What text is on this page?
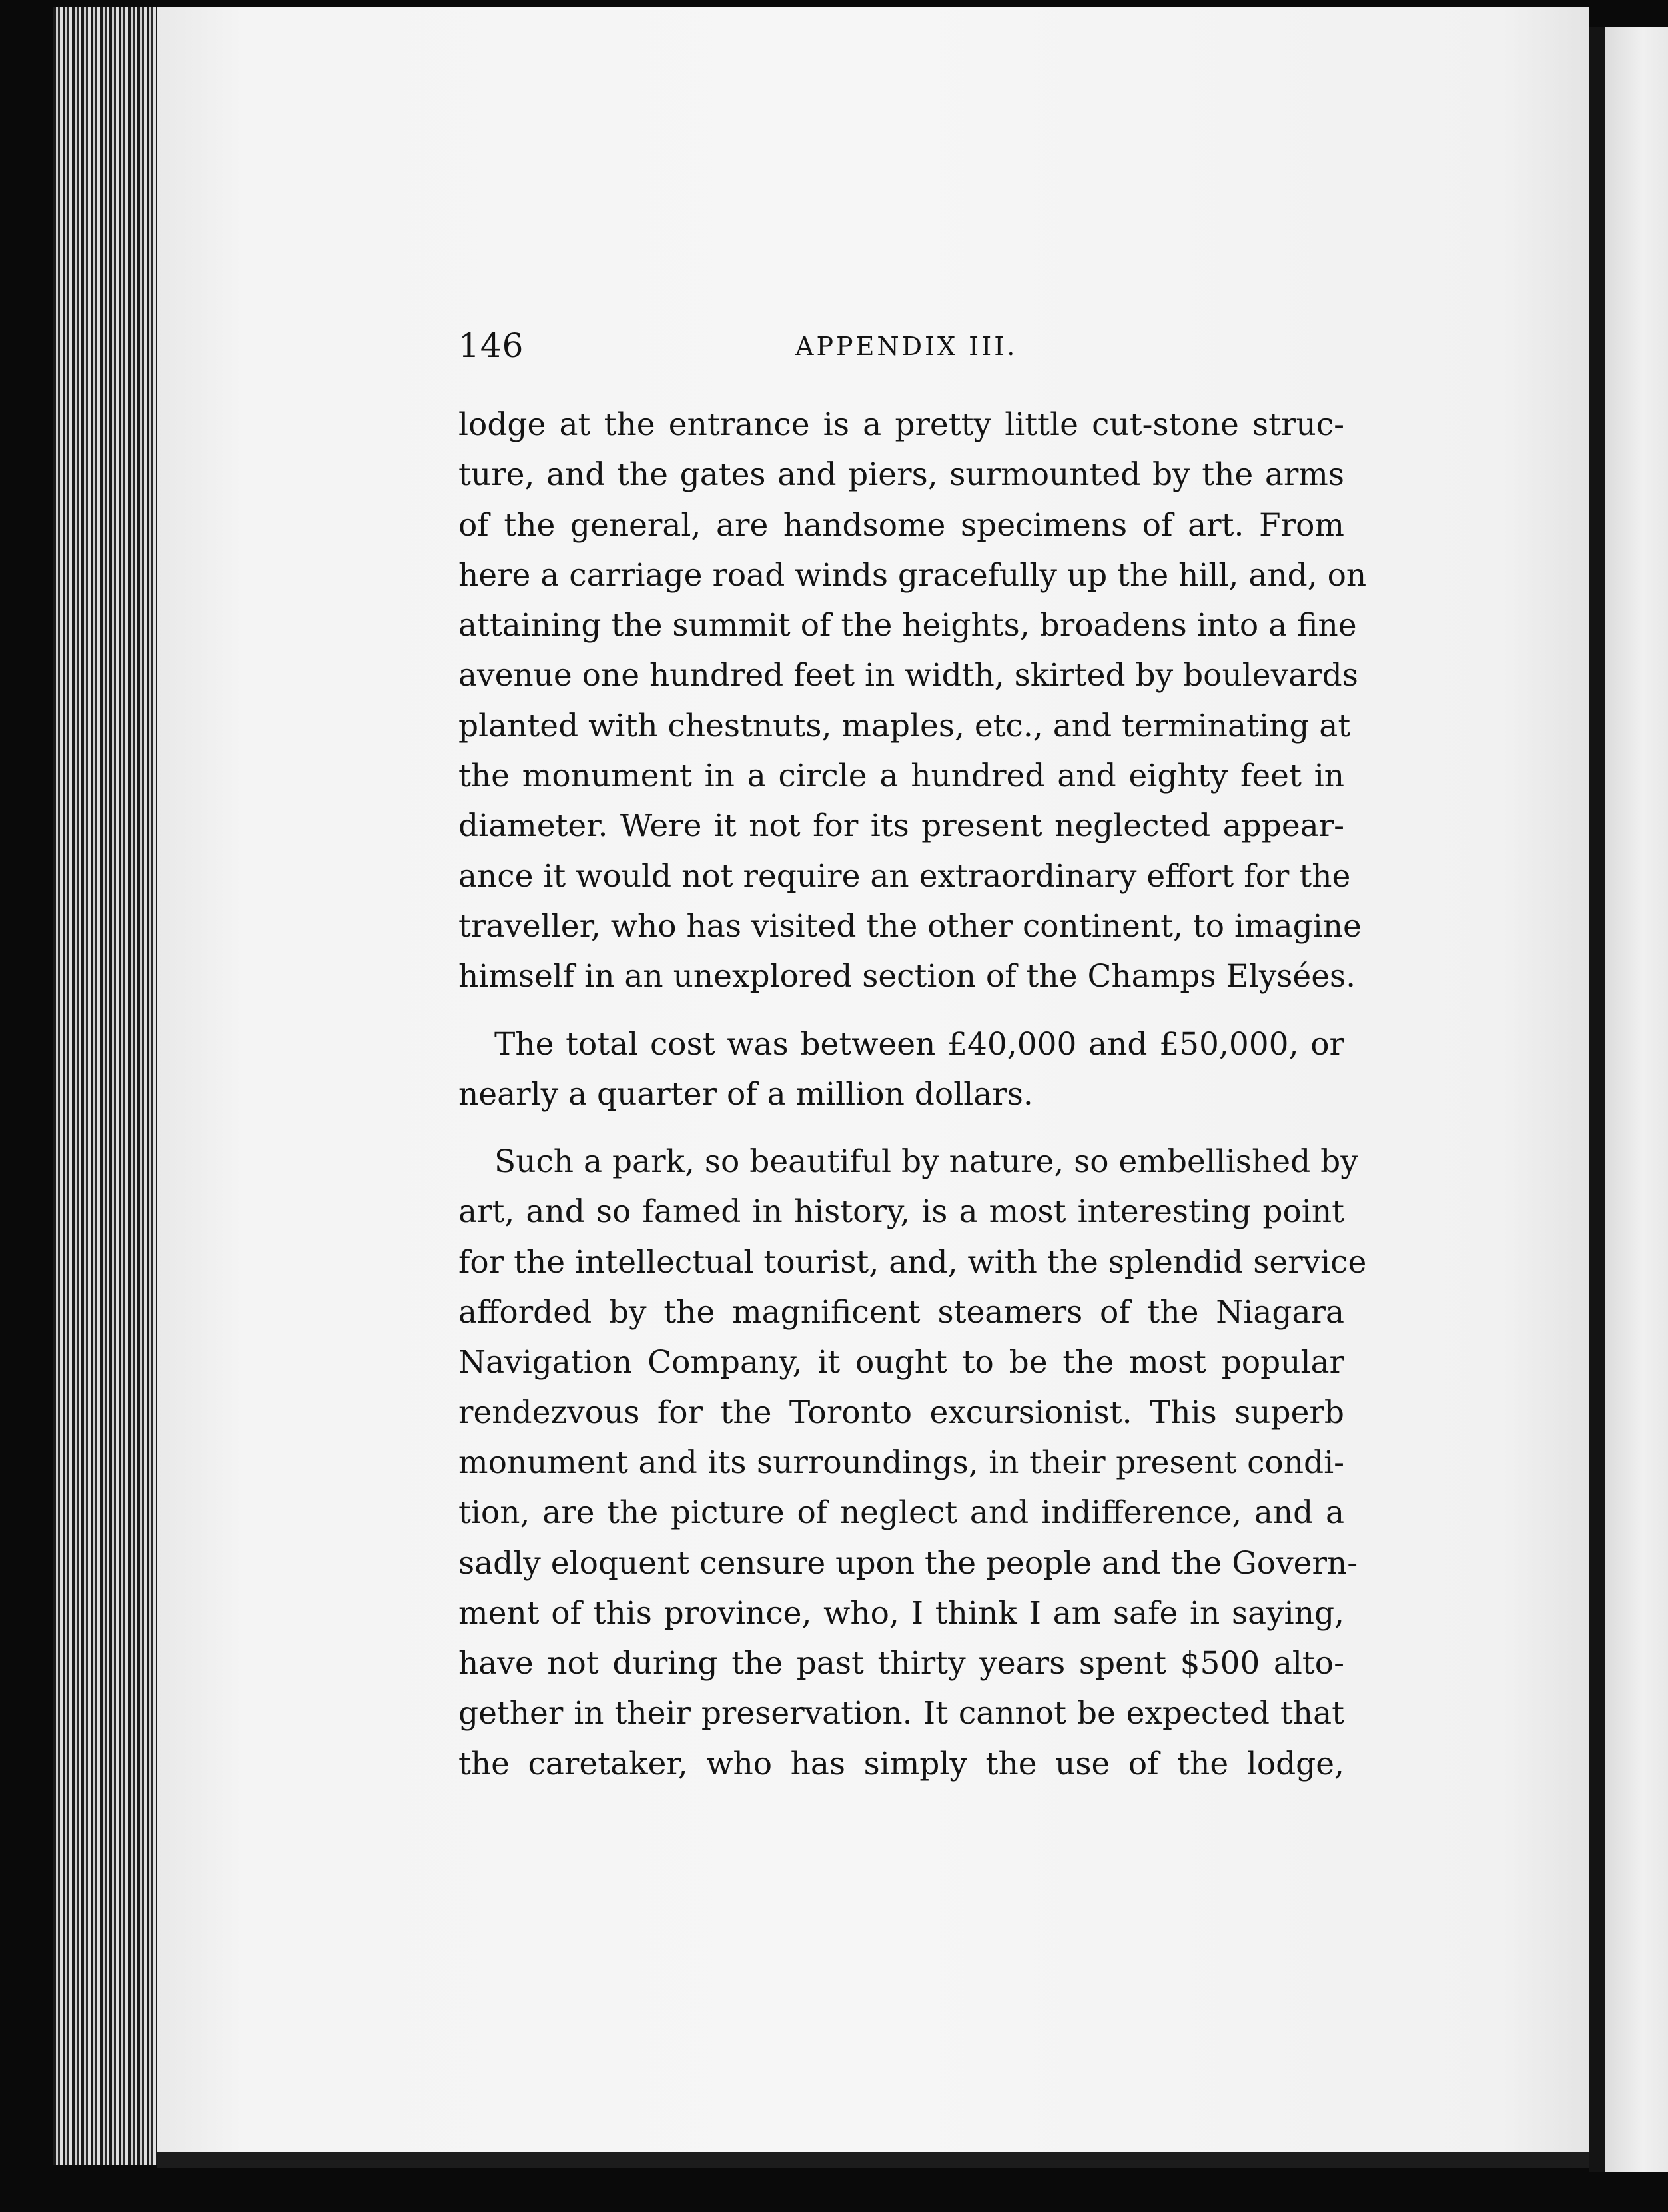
146	APPENDIX III.

lodge at the entrance is a pretty little cut-stone struc-
ture, and the gates and piers, surmounted by the arms
of the general, are handsome specimens of art. From
here a carriage road winds gracefully up the hill, and, on
attaining the summit of the heights, broadens into a fine
avenue one hundred feet in width, skirted by boulevards
planted with chestnuts, maples, etc., and terminating at
the monument in a circle a hundred and eighty feet in
diameter. Were it not for its present neglected appear-
ance it would not require an extraordinary effort for the
traveller, who has visited the other continent, to imagine
himself in an unexplored section of the Champs Elysées.

The total cost was between £40,000 and £50,000, or
nearly a quarter of a million dollars.

Such a park, so beautiful by nature, so embellished by
art, and so famed in history, is a most interesting point
for the intellectual tourist, and, with the splendid service
afforded by the magnificent steamers of the Niagara
Navigation Company, it ought to be the most popular
rendezvous for the Toronto excursionist. This superb
monument and its surroundings, in their present condi-
tion, are the picture of neglect and indifference, and a
sadly eloquent censure upon the people and the Govern-
ment of this province, who, I think I am safe in saying,
have not during the past thirty years spent $500 alto-
gether in their preservation. It cannot be expected that
the caretaker, who has simply the use of the lodge,
